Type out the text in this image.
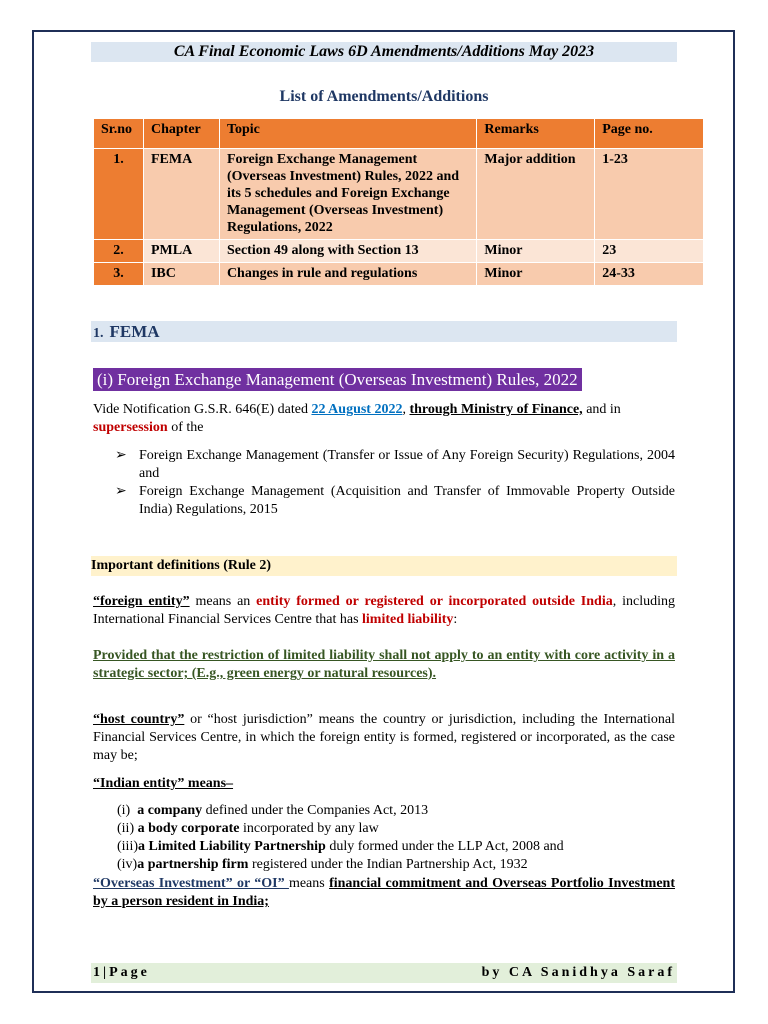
CA Final Economic Laws 6D Amendments/Additions May 2023
List of Amendments/Additions
Sr.no	Chapter	Topic	Remarks	Page no.
1.	FEMA	Foreign Exchange Management (Overseas Investment) Rules, 2022 and its 5 schedules and Foreign Exchange Management (Overseas Investment) Regulations, 2022	Major addition	1-23
2.	PMLA	Section 49 along with Section 13	Minor	23
3.	IBC	Changes in rule and regulations	Minor	24-33
1. FEMA
(i) Foreign Exchange Management (Overseas Investment) Rules, 2022
Vide Notification G.S.R. 646(E) dated 22 August 2022, through Ministry of Finance, and in
supersession of the
➢ Foreign Exchange Management (Transfer or Issue of Any Foreign Security) Regulations, 2004 and
➢ Foreign Exchange Management (Acquisition and Transfer of Immovable Property Outside India) Regulations, 2015
Important definitions (Rule 2)
“foreign entity” means an entity formed or registered or incorporated outside India, including International Financial Services Centre that has limited liability:
Provided that the restriction of limited liability shall not apply to an entity with core activity in a strategic sector; (E.g., green energy or natural resources).
“host country” or “host jurisdiction” means the country or jurisdiction, including the International Financial Services Centre, in which the foreign entity is formed, registered or incorporated, as the case may be;
“Indian entity” means–
(i) a company defined under the Companies Act, 2013
(ii) a body corporate incorporated by any law
(iii)a Limited Liability Partnership duly formed under the LLP Act, 2008 and
(iv)a partnership firm registered under the Indian Partnership Act, 1932
“Overseas Investment” or “OI” means financial commitment and Overseas Portfolio Investment by a person resident in India;
1|Page	by CA Sanidhya Saraf
